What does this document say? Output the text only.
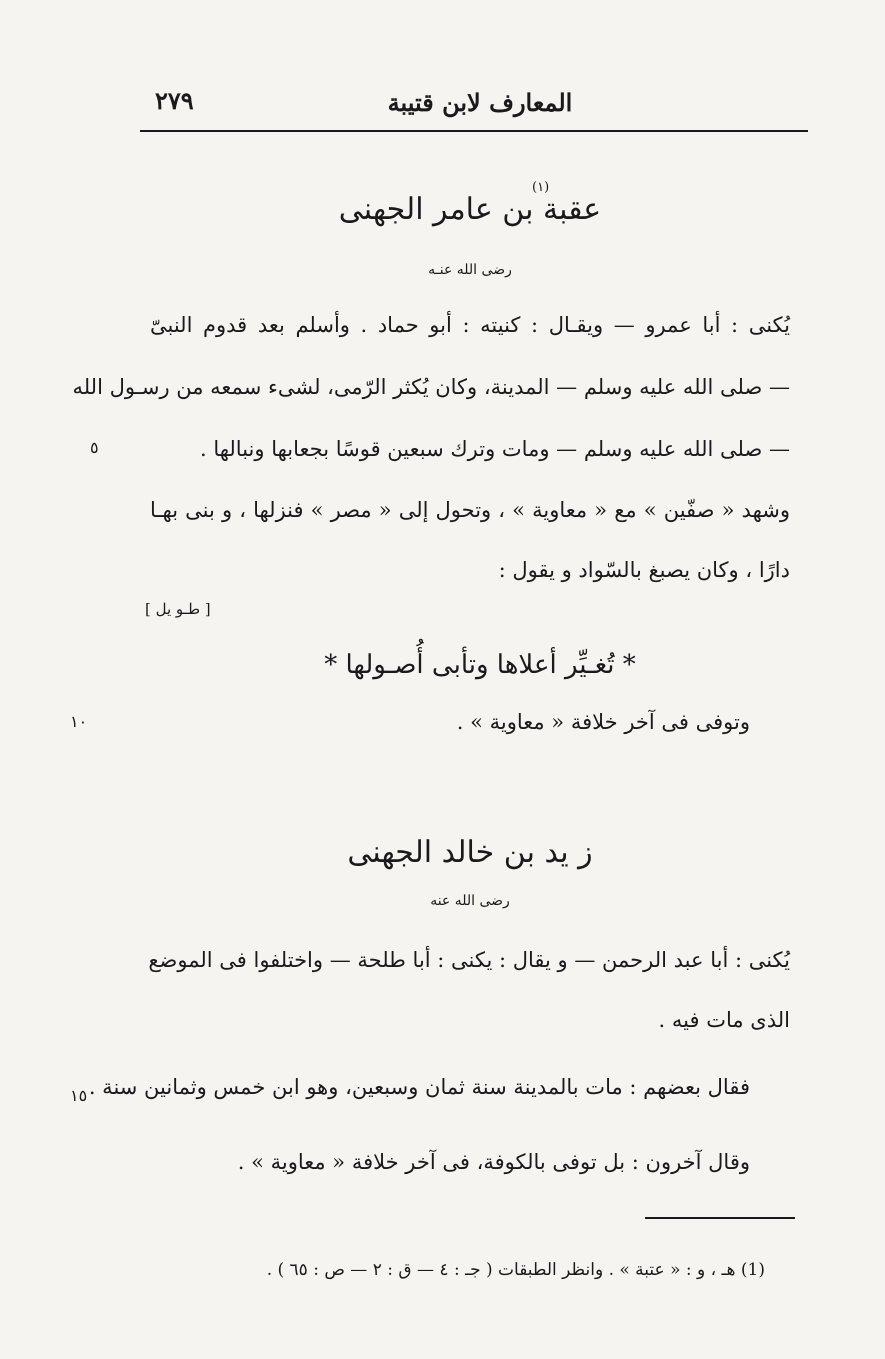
المعارف لابن قتيبة
٢٧٩
عقبة بن عامر الجهنى
(١)
رضى الله عنـه
يُكنى : أبا عمرو — ويقـال : كنيته : أبو حماد . وأسلم بعد قدوم النبىّ
— صلى الله عليه وسلم — المدينة، وكان يُكثر الرّمى، لشىء سمعه من رسـول الله
— صلى الله عليه وسلم — ومات وترك سبعين قوسًا بجعابها ونبالها .
وشهد « صفّين » مع « معاوية » ، وتحول إلى « مصر » فنزلها ، و بنى بهـا
دارًا ، وكان يصبغ بالسّواد و يقول :
[ طـو يل ]
* تُغـيِّر أعلاها وتأبى أُصـولها *
وتوفى فى آخر خلافة « معاوية » .
ز يد بن خالد الجهنى
رضى الله عنه
يُكنى : أبا عبد الرحمن — و يقال : يكنى : أبا طلحة — واختلفوا فى الموضع
الذى مات فيه .
فقال بعضهم : مات بالمدينة سنة ثمان وسبعين، وهو ابن خمس وثمانين سنة .
وقال آخرون : بل توفى بالكوفة، فى آخر خلافة « معاوية » .
٥
١٠
١٥
(1) هـ ، و : « عتبة » . وانظر الطبقات ( جـ : ٤ — ق : ٢ — ص : ٦٥ ) .
